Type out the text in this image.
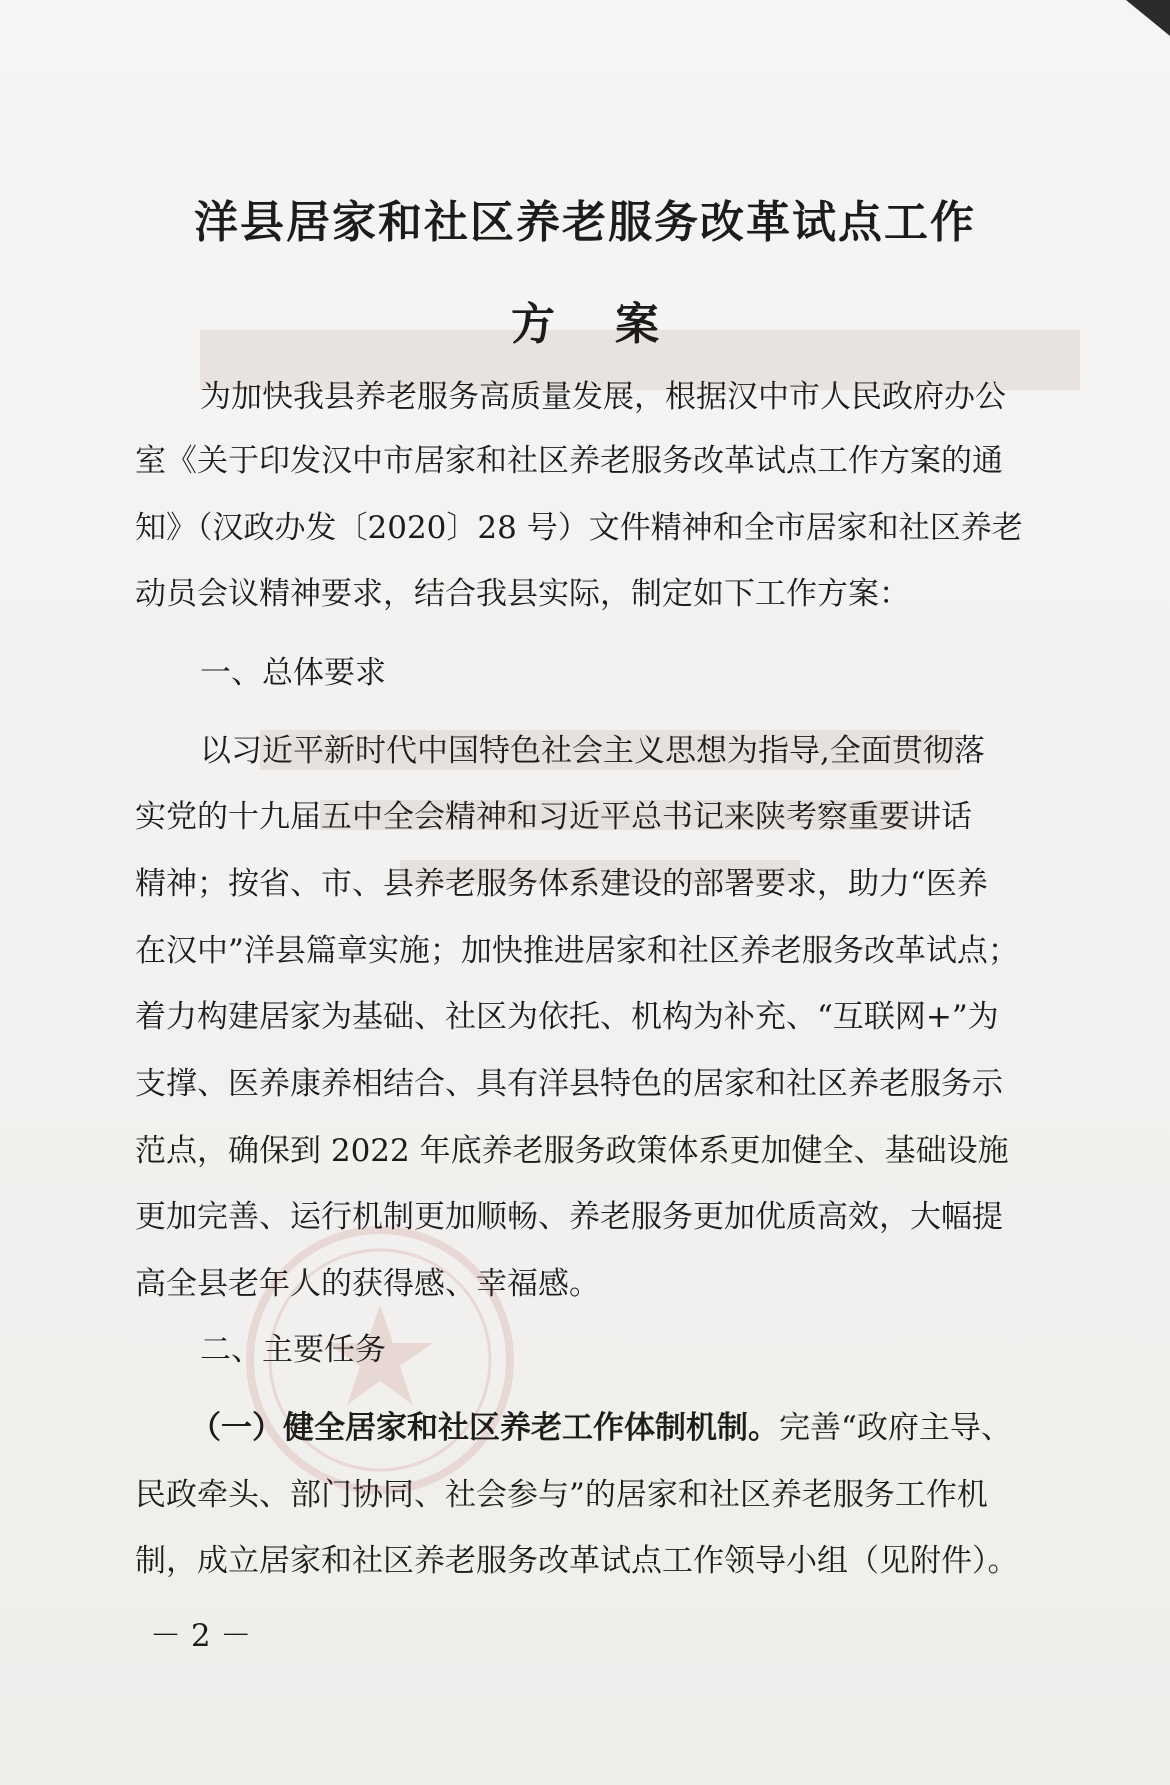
洋县居家和社区养老服务改革试点工作
方案
为加快我县养老服务高质量发展，根据汉中市人民政府办公
室《关于印发汉中市居家和社区养老服务改革试点工作方案的通
知》（汉政办发〔2020〕28 号）文件精神和全市居家和社区养老
动员会议精神要求，结合我县实际，制定如下工作方案：
一、总体要求
以习近平新时代中国特色社会主义思想为指导,全面贯彻落
实党的十九届五中全会精神和习近平总书记来陕考察重要讲话
精神；按省、市、县养老服务体系建设的部署要求，助力“医养
在汉中”洋县篇章实施；加快推进居家和社区养老服务改革试点；
着力构建居家为基础、社区为依托、机构为补充、“互联网+”为
支撑、医养康养相结合、具有洋县特色的居家和社区养老服务示
范点，确保到 2022 年底养老服务政策体系更加健全、基础设施
更加完善、运行机制更加顺畅、养老服务更加优质高效，大幅提
高全县老年人的获得感、幸福感。
二、主要任务
（一）健全居家和社区养老工作体制机制。完善“政府主导、
民政牵头、部门协同、社会参与”的居家和社区养老服务工作机
制，成立居家和社区养老服务改革试点工作领导小组（见附件）。
－ 2 －
